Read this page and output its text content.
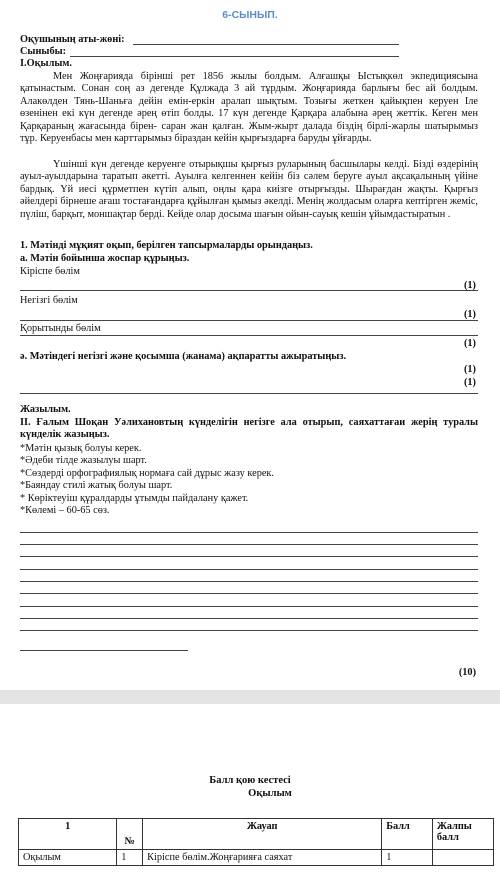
6-СЫНЫП.
Оқушының аты-жөні:
Сыныбы:
I.Оқылым.
Мен Жоңғарияда бірінші рет 1856 жылы болдым. Алғашқы Ыстықкөл экпедициясына қатынастым. Сонан соң аз дегенде Құлжада 3 ай тұрдым. Жоңғарияда барлығы бес ай болдым. Алакөлден Тянь-Шаньға дейін емін-еркін аралап шықтым. Тозығы жеткен қайықпен керуен Іле өзенінен екі күн дегенде әрең өтіп болды. 17 күн дегенде Қарқара алабына әрең жеттік. Кеген мен Қарқараның жағасында бірен- саран жан қалған. Жым-жырт далада біздің бірлі-жарлы шатырымыз тұр. Керуенбасы мен карттарымыз біраздан кейін қырғыздарға баруды ұйғарды.
Үшінші күн дегенде керуенге отырықшы қырғыз руларының басшылары келді. Бізді өздерінің ауыл-ауылдарына таратып әкетті. Ауылға келгеннен кейін біз сәлем беруге ауыл ақсақалының үйіне бардық. Үй иесі құрметпен күтіп алып, оңлы қара киізге отырғызды. Шырағдан жақты. Қырғыз әйелдері бірнеше ағаш тостағандарға құйылған қымыз әкелді. Менің жолдасым оларға кептірген жеміс, пүліш, барқыт, моншақтар берді. Кейде олар досыма шағын ойын-сауық кешін ұйымдастыратын .
1. Мәтінді мұқият оқып, берілген тапсырмаларды орындаңыз.
а. Мәтін бойынша жоспар құрыңыз.
Кіріспе бөлім
(1)
Негізгі бөлім
(1)
Қорытынды бөлім
(1)
ә. Мәтіндегі негізгі және қосымша (жанама) ақпаратты ажыратыңыз.
(1)
(1)
Жазылым.
ІІ. Ғалым Шоқан Уәлихановтың күнделігін негізге ала отырып, саяхаттағаи жерің туралы күнделік жазыңыз.
*Мәтін қызық болуы керек.
*Әдеби тілде жазылуы шарт.
*Сөздерді орфографиялық нормаға сай дұрыс жазу керек.
*Баяндау стилі жатық болуы шарт.
* Көріктеуіш құралдарды ұтымды пайдалану қажет.
*Көлемі – 60-65 сөз.
(10)
Балл қою кестесі
Оқылым
1	№	Жауап	Балл	Жалпы балл
Оқылым	1	Кіріспе бөлім.Жоңғарияға саяхат	1	
